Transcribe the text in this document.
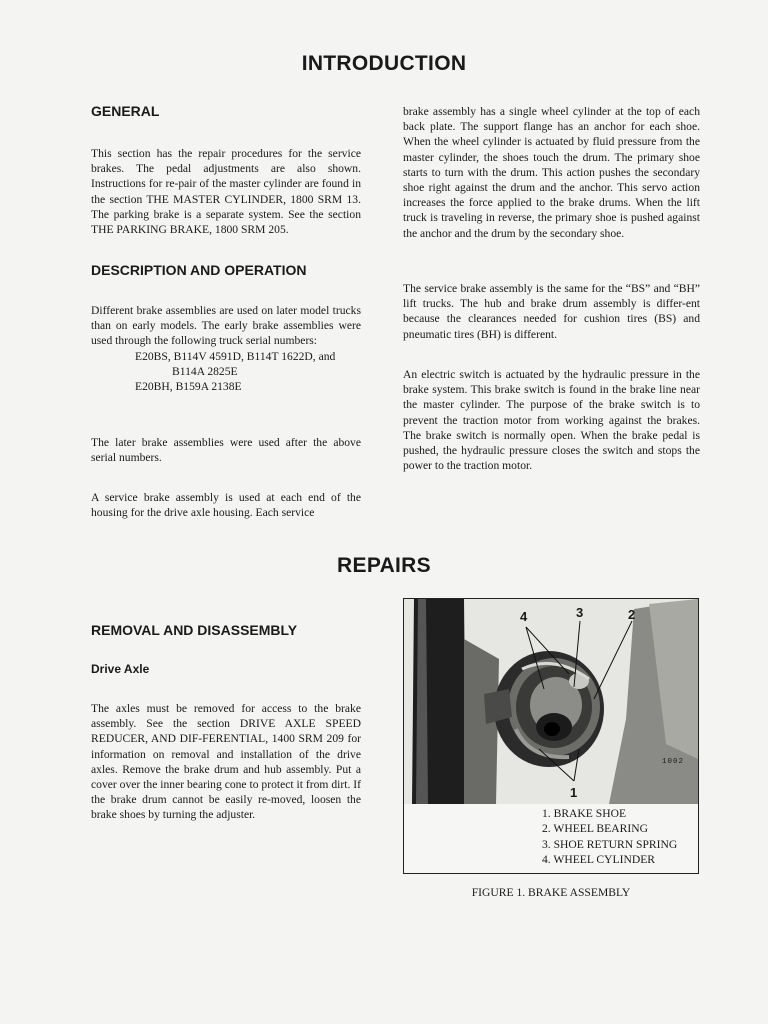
INTRODUCTION
GENERAL

This section has the repair procedures for the service brakes. The pedal adjustments are also shown. Instructions for re-pair of the master cylinder are found in the section THE MASTER CYLINDER, 1800 SRM 13. The parking brake is a separate system. See the section THE PARKING BRAKE, 1800 SRM 205.

DESCRIPTION AND OPERATION

Different brake assemblies are used on later model trucks than on early models. The early brake assemblies were used through the following truck serial numbers:

E20BS, B114V 4591D, B114T 1622D, and
B114A 2825E
E20BH, B159A 2138E

The later brake assemblies were used after the above serial numbers.

A service brake assembly is used at each end of the housing for the drive axle housing. Each service

brake assembly has a single wheel cylinder at the top of each back plate. The support flange has an anchor for each shoe. When the wheel cylinder is actuated by fluid pressure from the master cylinder, the shoes touch the drum. The primary shoe starts to turn with the drum. This action pushes the secondary shoe right against the drum and the anchor. This servo action increases the force applied to the brake drums. When the lift truck is traveling in reverse, the primary shoe is pushed against the anchor and the drum by the secondary shoe.

The service brake assembly is the same for the “BS” and “BH” lift trucks. The hub and brake drum assembly is differ-ent because the clearances needed for cushion tires (BS) and pneumatic tires (BH) is different.

An electric switch is actuated by the hydraulic pressure in the brake system. This brake switch is found in the brake line near the master cylinder. The purpose of the brake switch is to prevent the traction motor from working against the brakes. The brake switch is normally open. When the brake pedal is pushed, the hydraulic pressure closes the switch and stops the power to the traction motor.

REPAIRS
REMOVAL AND DISASSEMBLY
Drive Axle

The axles must be removed for access to the brake assembly. See the section DRIVE AXLE SPEED REDUCER, AND DIF-FERENTIAL, 1400 SRM 209 for information on removal and installation of the drive axles. Remove the brake drum and hub assembly. Put a cover over the inner bearing cone to protect it from dirt. If the brake drum cannot be easily re-moved, loosen the brake shoes by turning the adjuster.

4	3	2
1
1002
1. BRAKE SHOE
2. WHEEL BEARING
3. SHOE RETURN SPRING
4. WHEEL CYLINDER
FIGURE 1. BRAKE ASSEMBLY
